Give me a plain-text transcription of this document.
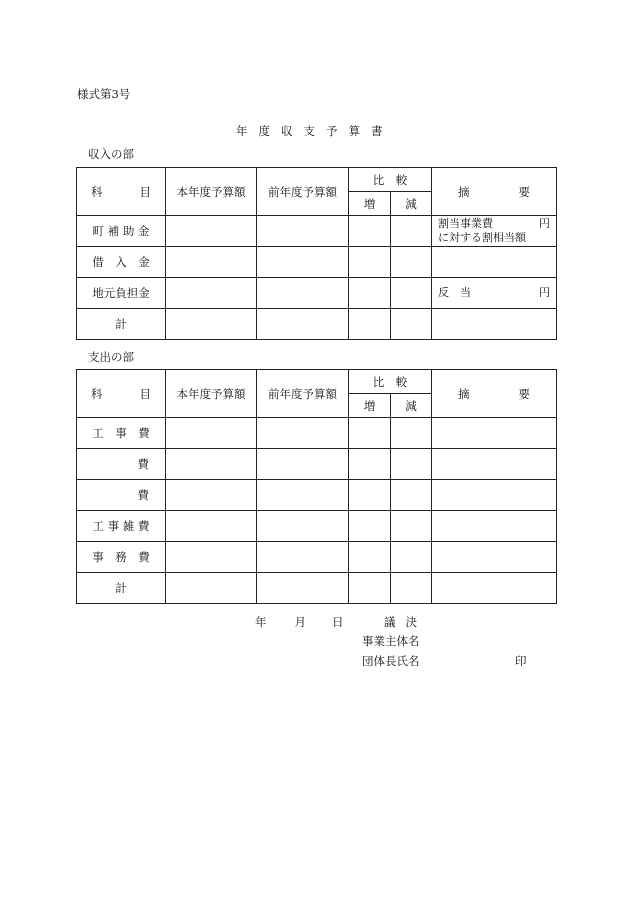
様式第3号
年度収支予算書
収入の部
科 目	本年度予算額	前年度予算額	比　較		摘 要

			増	減	
町 補 助 金					割当事業費 円
に対する割相当額

借　入　金					
地元負担金					反　当 円

計					
支出の部
科 目	本年度予算額	前年度予算額	比　較		摘 要

			増	減	
工　事　費					

費					

費					

工 事 雑 費					
事　務　費					
計					
年 月 日	議決
事業主体名
団体長氏名	印
